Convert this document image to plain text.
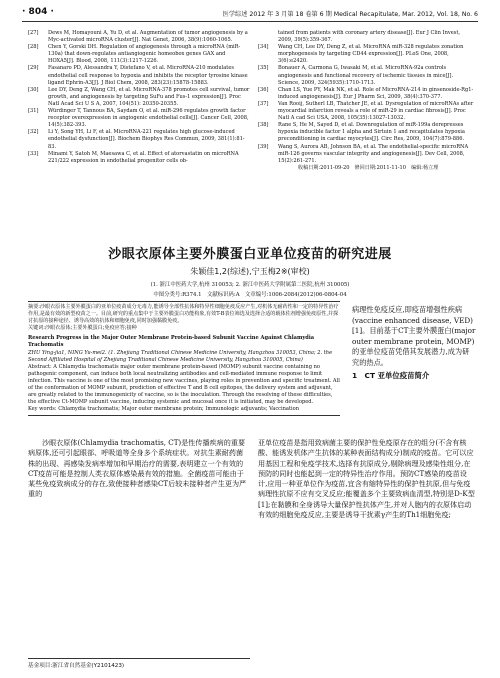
· 804 ·	医学综述 2012 年 3 月第 18 卷第 6 期 Medical Recapitulate, Mar. 2012, Vol. 18, No. 6
[27]	Dews M, Homayouni A, Yu D, et al. Augmentation of tumor angiogenesis by a Myc-activated microRNA cluster[J]. Nat Genet, 2006, 38(9):1060-1065.
[28]	Chen Y, Gorski DH. Regulation of angiogenesis through a microRNA (miR-130a) that down-regulates antiangiogenic homeobox genes GAX and HOXA5[J]. Blood, 2008, 111(3):1217-1226.
[29]	Fasanaro PD, Alessandra Y, Distefano V, et al. MicroRNA-210 modulates endothelial cell response to hypoxia and inhibits the receptor tyrosine kinase ligand Ephrin-A3[J]. J Biol Chem, 2008, 283(23):15878-15883.
[30]	Lee DY, Deng Z, Wang CH, et al. MicroRNA-378 promotes cell survival, tumor growth, and angiogenesis by targeting SuFu and Fus-1 expression[J]. Proc Natl Acad Sci U S A, 2007, 104(51): 20350-20355.
[31]	Würdinger T, Tannous BA, Saydam O, et al. miR-296 regulates growth factor receptor overexpression in angiogenic endothelial cells[J]. Cancer Cell, 2008, 14(5):382-393.
[32]	Li Y, Song YH, Li F, et al. MicroRNA-221 regulates high glucose-induced endothelial dysfunction[J]. Biochem Biophys Res Commun, 2009, 381(1):81-83.
[33]	Minami Y, Satoh M, Maesawa C, et al. Effect of atorvastatin on microRNA 221/222 expression in endothelial progenitor cells ob-
tained from patients with coronary artery disease[J]. Eur J Clin Invest, 2009, 39(5):359-367.
[34]	Wang CH, Lee DY, Deng Z, et al. MicroRNA miR-328 regulates zonation morphogenesis by targeting CD44 expression[J]. PLoS One, 2008, 3(6):e2420.
[35]	Bonauer A, Carmona G, Iwasaki M, et al. MicroRNA-92a controls angiogenesis and functional recovery of ischemic tissues in mice[J]. Science, 2009, 324(5935):1710-1713.
[36]	Chan LS, Yue PY, Mak NK, et al. Role of MicroRNA-214 in ginsenoside-Rg1-induced angiogenesis[J]. Eur J Pharm Sci, 2009, 38(4):370-377.
[37]	Van Rooij, Sutherl LB, Thatcher JE, et al. Dysregulation of microRNAs after myocardial infarction reveals a role of miR-29 in cardiac fibrosis[J]. Proc Natl A cad Sci USA, 2008, 105(35):13027-13032.
[38]	Rane S, He M, Sayed D, et al. Downregulation of miR-199a derepresses hypoxia inducible factor 1 alpha and Sirtuin 1 and recapitulates hypoxia preconditioning in cardiac myocytes[J]. Circ Res, 2009, 104(7):879-886.
[39]	Wang S, Aurora AB, Johnson BA, et al. The endothelial-specific microRNA miR-126 governs vascular integrity and angiogenesis[J]. Dev Cell, 2008, 15(2):261-271.
收稿日期:2011-09-20　修回日期:2011-11-10　编辑:杨立理
沙眼衣原体主要外膜蛋白亚单位疫苗的研究进展
朱颖佳1,2(综述),宁玉梅2※(审校)
(1. 浙江中医药大学,杭州 310053; 2. 浙江中医药大学附属第二医院,杭州 310005)
中图分类号:R374.1　文献标识码:A　文章编号:1006-2084(2012)06-0804-04
摘要:沙眼衣原体主要外膜蛋白的亚单位疫苗成分无毒力,能诱导全部性抗体和特异性细胞免疫反应产生,对机体无耐药性和一定的特异性治疗作用,是最有效的新型疫苗之一。目前,研究的重点集中于主要外膜蛋白功能构象,有效T-B表位筛选及选择合适的载体佐剂增强免疫原性,并探讨抗原的接种途径、诱导高效的抗体和细胞免疫,同时加强黏膜免疫。
关键词:沙眼衣原体;主要外膜蛋白;免疫应答;接种
Research Progress in the Major Outer Membrane Protein-based Subunit Vaccine Against Chlamydia Trachomatis
ZHU Ying-jia1, NING Yu-mei2. (1. Zhejiang Traditional Chinese Medicine University, Hangzhou 310053, China; 2. the Second Affiliated Hospital of Zhejiang Traditional Chinese Medicine University, Hangzhou 310005, China)
Abstract: A Chlamydia trachomatis major outer membrane protein-based (MOMP) subunit vaccine containing no pathogenic component, can induce both local neutralizing antibodies and cell-mediated immune response to limit infection. This vaccine is one of the most promising new vaccines, playing roles in prevention and specific treatment. All of the conformation of MOMP subunit, prediction of effective T and B cell epitopes, the delivery system and adjuvant, are greatly related to the immunogenicity of vaccine, so is the inoculation. Through the resolving of these difficulties, the effective Ct-MOMP subunit vaccine, inducing systemic and mucosal once it is initiated, may be developed.
Key words: Chlamydia trachomatis; Major outer membrane protein; Immunologic adjuvants; Vaccination
病理性免疫反应,即疫苗增强性疾病(vaccine enhanced disease, VED)[1]。目前基于CT主要外膜蛋白(major outer membrane protein, MOMP)的亚单位疫苗凭借其发展潜力,成为研究的热点。
1　CT 亚单位疫苗简介
沙眼衣原体(Chlamydia trachomatis, CT)是性传播疾病的重要病原体,还可引起眼部、呼吸道等全身多个系统症状。对抗生素耐药菌株的出现、再感染发病率增加和早期治疗的需要,表明建立一个有效的CT疫苗可能是控制人类衣原体感染最有效的措施。全菌疫苗可能由于某些免疫致病成分的存在,致使接种者感染CT后较未接种者产生更为严重的
亚单位疫苗是指用致病菌主要的保护性免疫原存在的组分(不含有核酸、能诱发机体产生抗体的某种表面结构成分)制成的疫苗。它可以应用基因工程和免疫学技术,选择有抗原成分,剔除病理及感染性组分,在预防的同时也能起到一定的特异性治疗作用。预防CT感染的疫苗设计,应用一种亚单位作为疫苗,宜含有缩特异性的保护性抗原,但与免疫病理性抗原不应有交叉反应;能覆盖多个主要致病血清型,特别是D-K型[1];在黏膜和全身诱导大量保护性抗体产生,并对人胞内的衣原体启动有效的细胞免疫反应,主要是诱导干扰素γ产生的Th1细胞免疫;
基金项目:浙江省自然基金(Y2101423)
